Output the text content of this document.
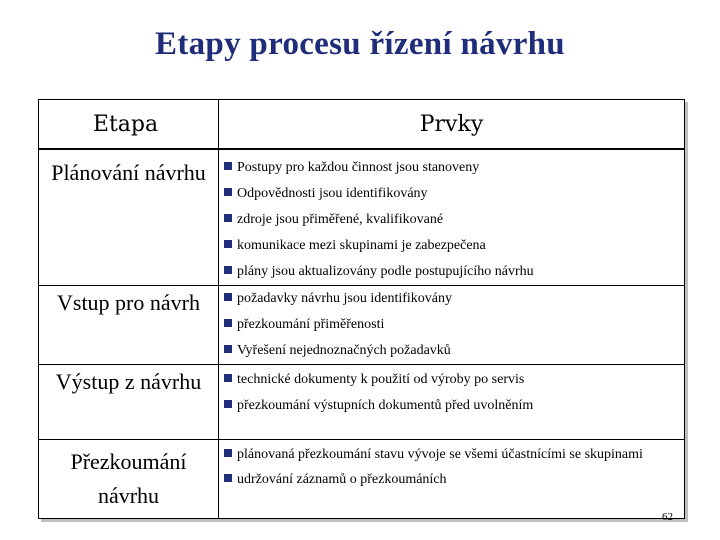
Etapy procesu řízení návrhu
Etapa	Prvky

Plánování návrhu	Postupy pro každou činnost jsou stanoveny
Odpovědnosti jsou identifikovány
zdroje jsou přiměřené, kvalifikované
komunikace mezi skupinami je zabezpečena
plány jsou aktualizovány podle postupujícího návrhu

Vstup pro návrh	požadavky návrhu jsou identifikovány
přezkoumání přiměřenosti
Vyřešení nejednoznačných požadavků

Výstup z návrhu	technické dokumenty k použití od výroby po servis
přezkoumání výstupních dokumentů před uvolněním

Přezkoumání návrhu	plánovaná přezkoumání stavu vývoje se všemi účastnícími se skupinami
udržování záznamů o přezkoumáních
62
